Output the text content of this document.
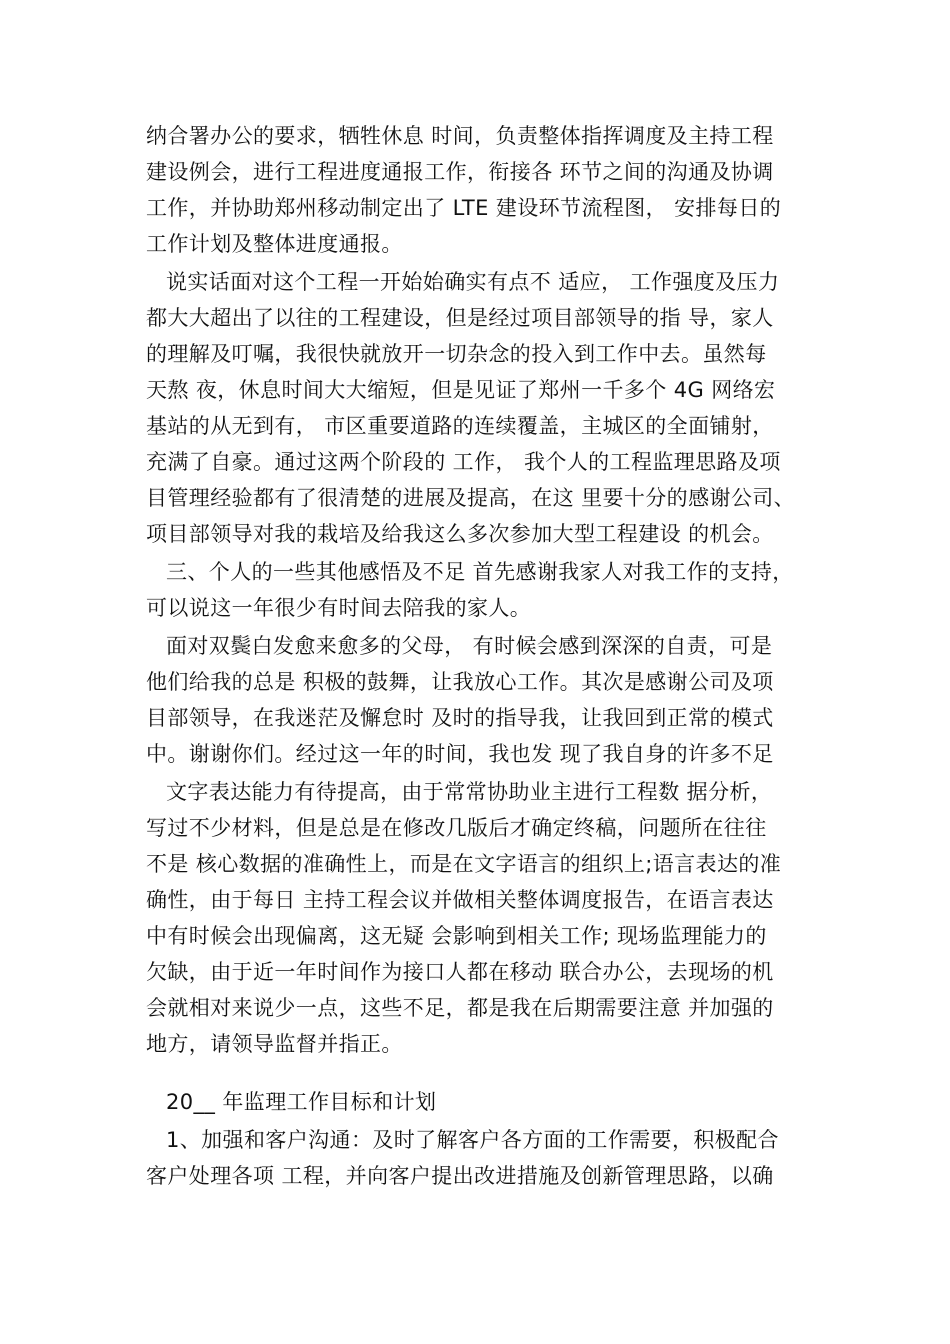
纳合署办公的要求，牺牲休息 时间，负责整体指挥调度及主持工程

建设例会，进行工程进度通报工作，衔接各 环节之间的沟通及协调

工作，并协助郑州移动制定出了 LTE 建设环节流程图， 安排每日的

工作计划及整体进度通报。

说实话面对这个工程一开始始确实有点不 适应， 工作强度及压力

都大大超出了以往的工程建设，但是经过项目部领导的指 导，家人

的理解及叮嘱，我很快就放开一切杂念的投入到工作中去。虽然每

天熬 夜，休息时间大大缩短，但是见证了郑州一千多个 4G 网络宏

基站的从无到有， 市区重要道路的连续覆盖，主城区的全面铺射，

充满了自豪。通过这两个阶段的 工作， 我个人的工程监理思路及项

目管理经验都有了很清楚的进展及提高，在这 里要十分的感谢公司、

项目部领导对我的栽培及给我这么多次参加大型工程建设 的机会。

三、个人的一些其他感悟及不足 首先感谢我家人对我工作的支持，

可以说这一年很少有时间去陪我的家人。

面对双鬓白发愈来愈多的父母， 有时候会感到深深的自责，可是

他们给我的总是 积极的鼓舞，让我放心工作。其次是感谢公司及项

目部领导，在我迷茫及懈怠时 及时的指导我，让我回到正常的模式

中。谢谢你们。经过这一年的时间，我也发 现了我自身的许多不足

文字表达能力有待提高，由于常常协助业主进行工程数 据分析，

写过不少材料，但是总是在修改几版后才确定终稿，问题所在往往

不是 核心数据的准确性上，而是在文字语言的组织上;语言表达的准

确性，由于每日 主持工程会议并做相关整体调度报告，在语言表达

中有时候会出现偏离，这无疑 会影响到相关工作; 现场监理能力的

欠缺，由于近一年时间作为接口人都在移动 联合办公，去现场的机

会就相对来说少一点，这些不足，都是我在后期需要注意 并加强的

地方，请领导监督并指正。

20__ 年监理工作目标和计划

1、加强和客户沟通：及时了解客户各方面的工作需要，积极配合

客户处理各项 工程，并向客户提出改进措施及创新管理思路，以确
